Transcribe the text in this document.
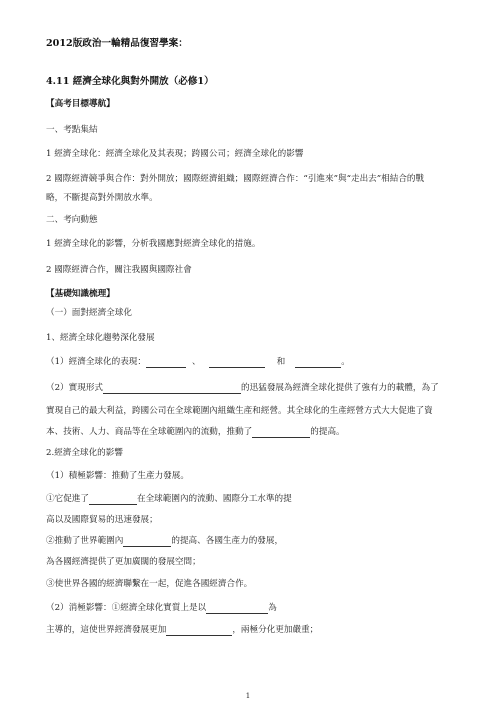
2012版政治一輪精品復習學案：
4.11 經濟全球化與對外開放（必修1）
【高考目標導航】
一、考點集結
1 經濟全球化：經濟全球化及其表現；跨國公司；經濟全球化的影響
2 國際經濟競爭與合作：對外開放；國際經濟組織；國際經濟合作：“引進來”與“走出去”相結合的戰
略，不斷提高對外開放水準。
二、考向動態
1 經濟全球化的影響，分析我國應對經濟全球化的措施。
2 國際經濟合作，關注我國與國際社會
【基礎知識梳理】
（一）面對經濟全球化
1、經濟全球化趨勢深化發展
（1）經濟全球化的表現：	、	和	。
（2）實現形式	的迅猛發展為經濟全球化提供了強有力的載體，為了
實現自己的最大利益，跨國公司在全球範圍內組織生產和經營。其全球化的生產經營方式大大促進了資
本、技術、人力、商品等在全球範圍內的流動，推動了	的提高。
2.經濟全球化的影響
（1）積極影響：推動了生產力發展。
①它促進了	在全球範圍內的流動、國際分工水準的提
高以及國際貿易的迅速發展；
②推動了世界範圍內	的提高、各國生產力的發展，
為各國經濟提供了更加廣闊的發展空間；
③使世界各國的經濟聯繫在一起，促進各國經濟合作。
（2）消極影響：①經濟全球化實質上是以	為
主導的，這使世界經濟發展更加	，兩極分化更加嚴重；
1
